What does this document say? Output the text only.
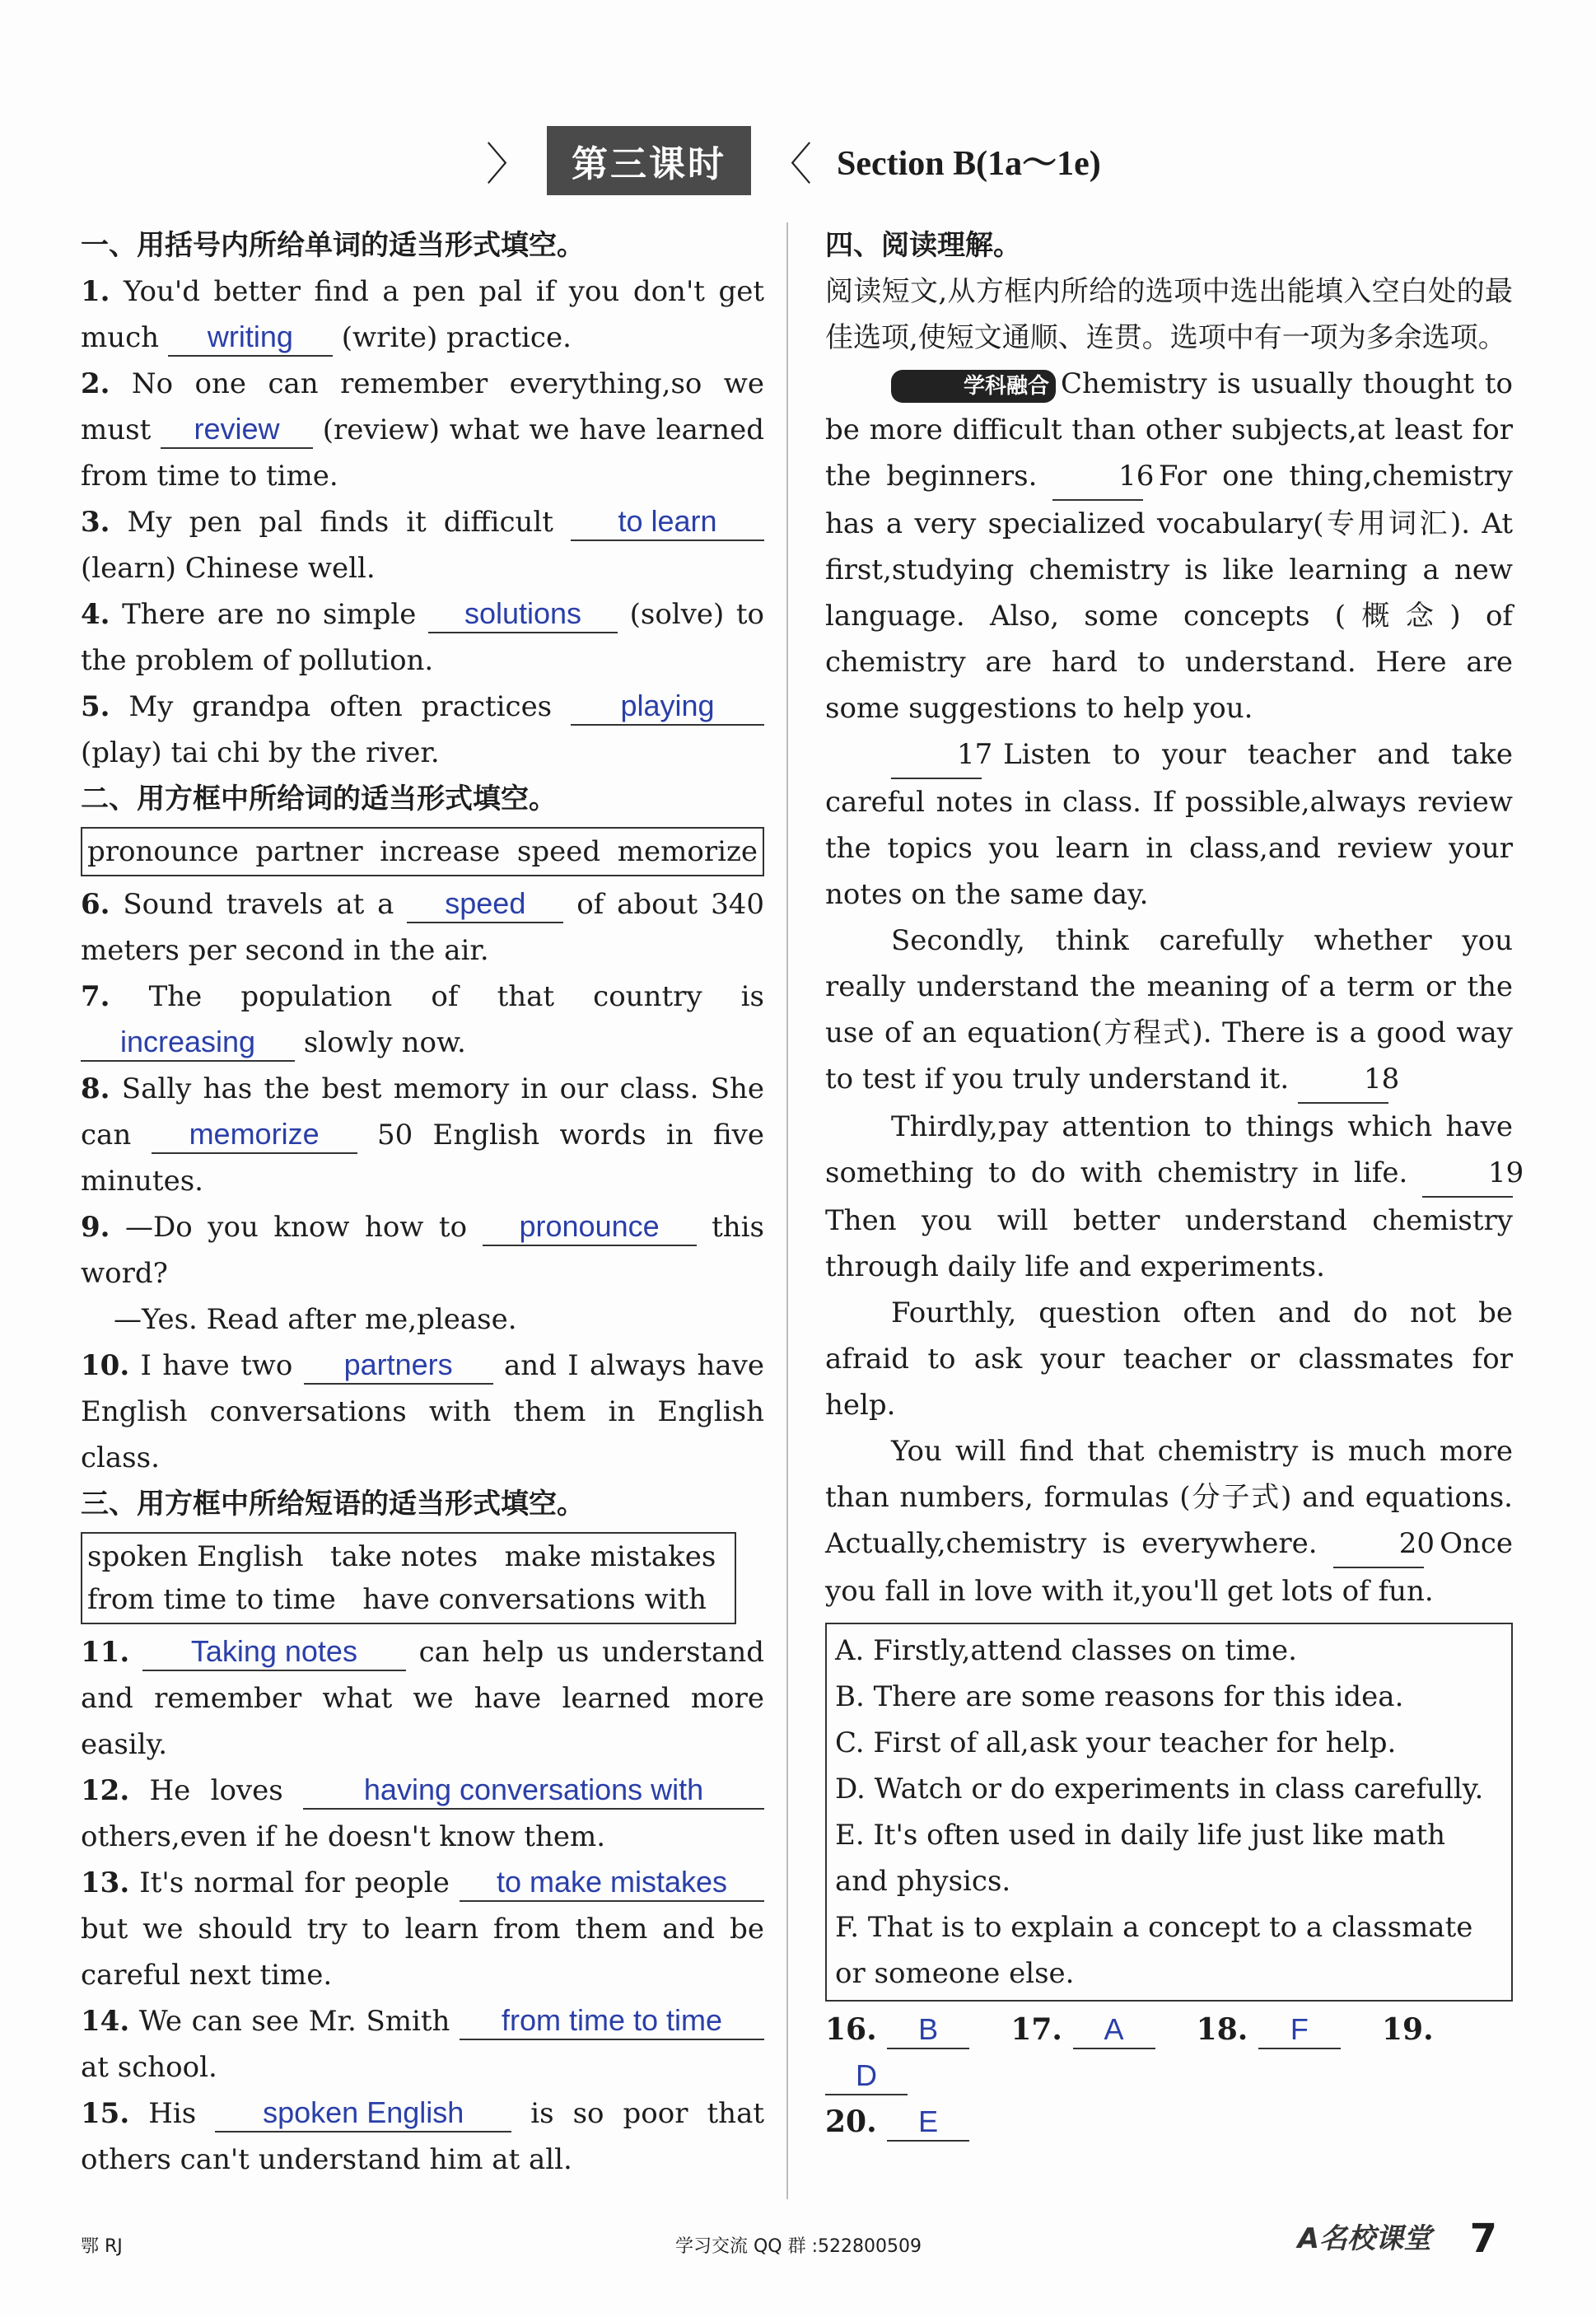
〉	第三课时 〈 Section B(1a～1e)

一、用括号内所给单词的适当形式填空。

1. You'd better find a pen pal if you don't get much writing (write) practice.
2. No one can remember everything,so we must review (review) what we have learned from time to time.
3. My pen pal finds it difficult to learn (learn) Chinese well.
4. There are no simple solutions (solve) to the problem of pollution.
5. My grandpa often practices playing (play) tai chi by the river.

二、用方框中所给词的适当形式填空。

pronounce partner increase speed memorize
6. Sound travels at a speed of about 340 meters per second in the air.
7. The population of that country is increasing slowly now.
8. Sally has the best memory in our class. She can memorize 50 English words in five minutes.
9. —Do you know how to pronounce this word?
—Yes. Read after me,please.
10. I have two partners and I always have English conversations with them in English class.

三、用方框中所给短语的适当形式填空。

spoken English   take notes   make mistakes
from time to time   have conversations with
11. Taking notes can help us understand and remember what we have learned more easily.
12. He loves	having conversations with others,even if he doesn't know them.
13. It's normal for people to make mistakes but we should try to learn from them and be careful next time.
14. We can see Mr. Smith from time to time at school.
15. His spoken English is so poor that others can't understand him at all.

四、阅读理解。

阅读短文,从方框内所给的选项中选出能填入空白处的最佳选项,使短文通顺、连贯。选项中有一项为多余选项。

学科融合 Chemistry is usually thought to be more difficult than other subjects,at least for the beginners.	16 For one thing,chemistry has a very specialized vocabulary(专用词汇). At first,studying chemistry is like learning a new language. Also, some concepts (概念) of chemistry are hard to understand. Here are some suggestions to help you.

17 Listen to your teacher and take careful notes in class. If possible,always review the topics you learn in class,and review your notes on the same day.

Secondly, think carefully whether you really understand the meaning of a term or the use of an equation(方程式). There is a good way to test if you truly understand it.	18

Thirdly,pay attention to things which have something to do with chemistry in life.	19 Then you will better understand chemistry through daily life and experiments.

Fourthly, question often and do not be afraid to ask your teacher or classmates for help.

You will find that chemistry is much more than numbers, formulas (分子式) and equations. Actually,chemistry is everywhere.	20 Once you fall in love with it,you'll get lots of fun.

A. Firstly,attend classes on time.
B. There are some reasons for this idea.
C. First of all,ask your teacher for help.
D. Watch or do experiments in class carefully.
E. It's often used in daily life just like math and physics.
F. That is to explain a concept to a classmate or someone else.
16. B 17. A 18. F 19. D
20. E
鄂 RJ	学习交流 QQ 群 :522800509	A名校课堂 7
